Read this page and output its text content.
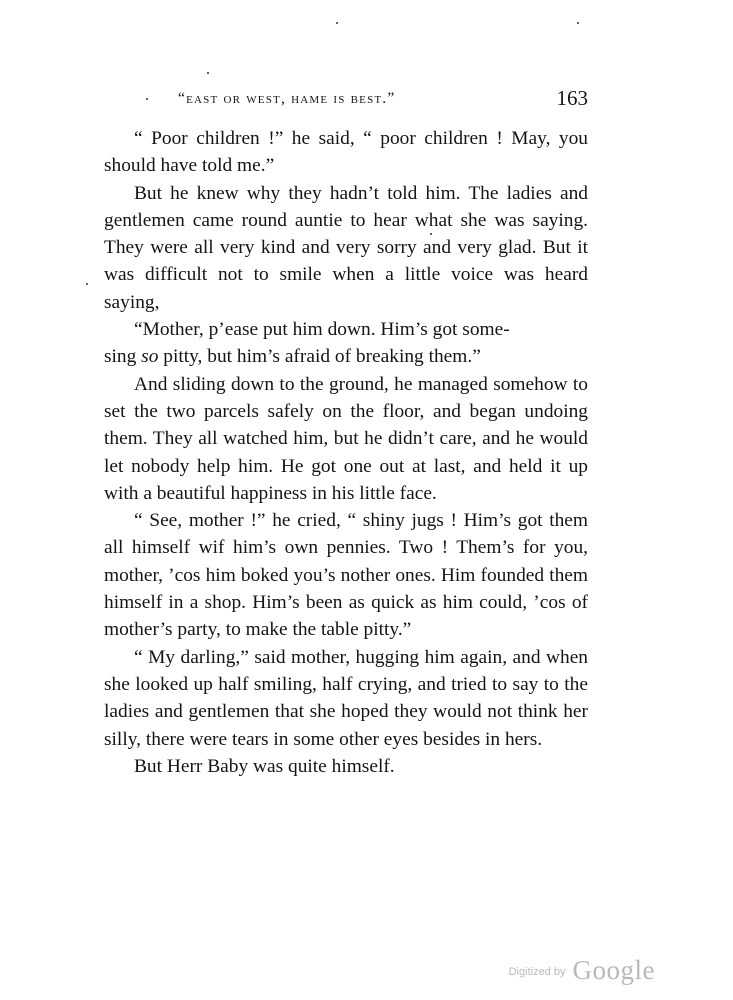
“east or west, hame is best.”	163

“ Poor children !” he said, “ poor children ! May, you should have told me.”

But he knew why they hadn’t told him. The ladies and gentlemen came round auntie to hear what she was saying. They were all very kind and very sorry and very glad. But it was difficult not to smile when a little voice was heard saying,

“Mother, p’ease put him down. Him’s got some-

sing so pitty, but him’s afraid of breaking them.”

And sliding down to the ground, he managed somehow to set the two parcels safely on the floor, and began undoing them. They all watched him, but he didn’t care, and he would let nobody help him. He got one out at last, and held it up with a beautiful happiness in his little face.

“ See, mother !” he cried, “ shiny jugs ! Him’s got them all himself wif him’s own pennies. Two ! Them’s for you, mother, ’cos him boked you’s nother ones. Him founded them himself in a shop. Him’s been as quick as him could, ’cos of mother’s party, to make the table pitty.”

“ My darling,” said mother, hugging him again, and when she looked up half smiling, half crying, and tried to say to the ladies and gentlemen that she hoped they would not think her silly, there were tears in some other eyes besides in hers.

But Herr Baby was quite himself.

$^{Digitized by}$ Google
